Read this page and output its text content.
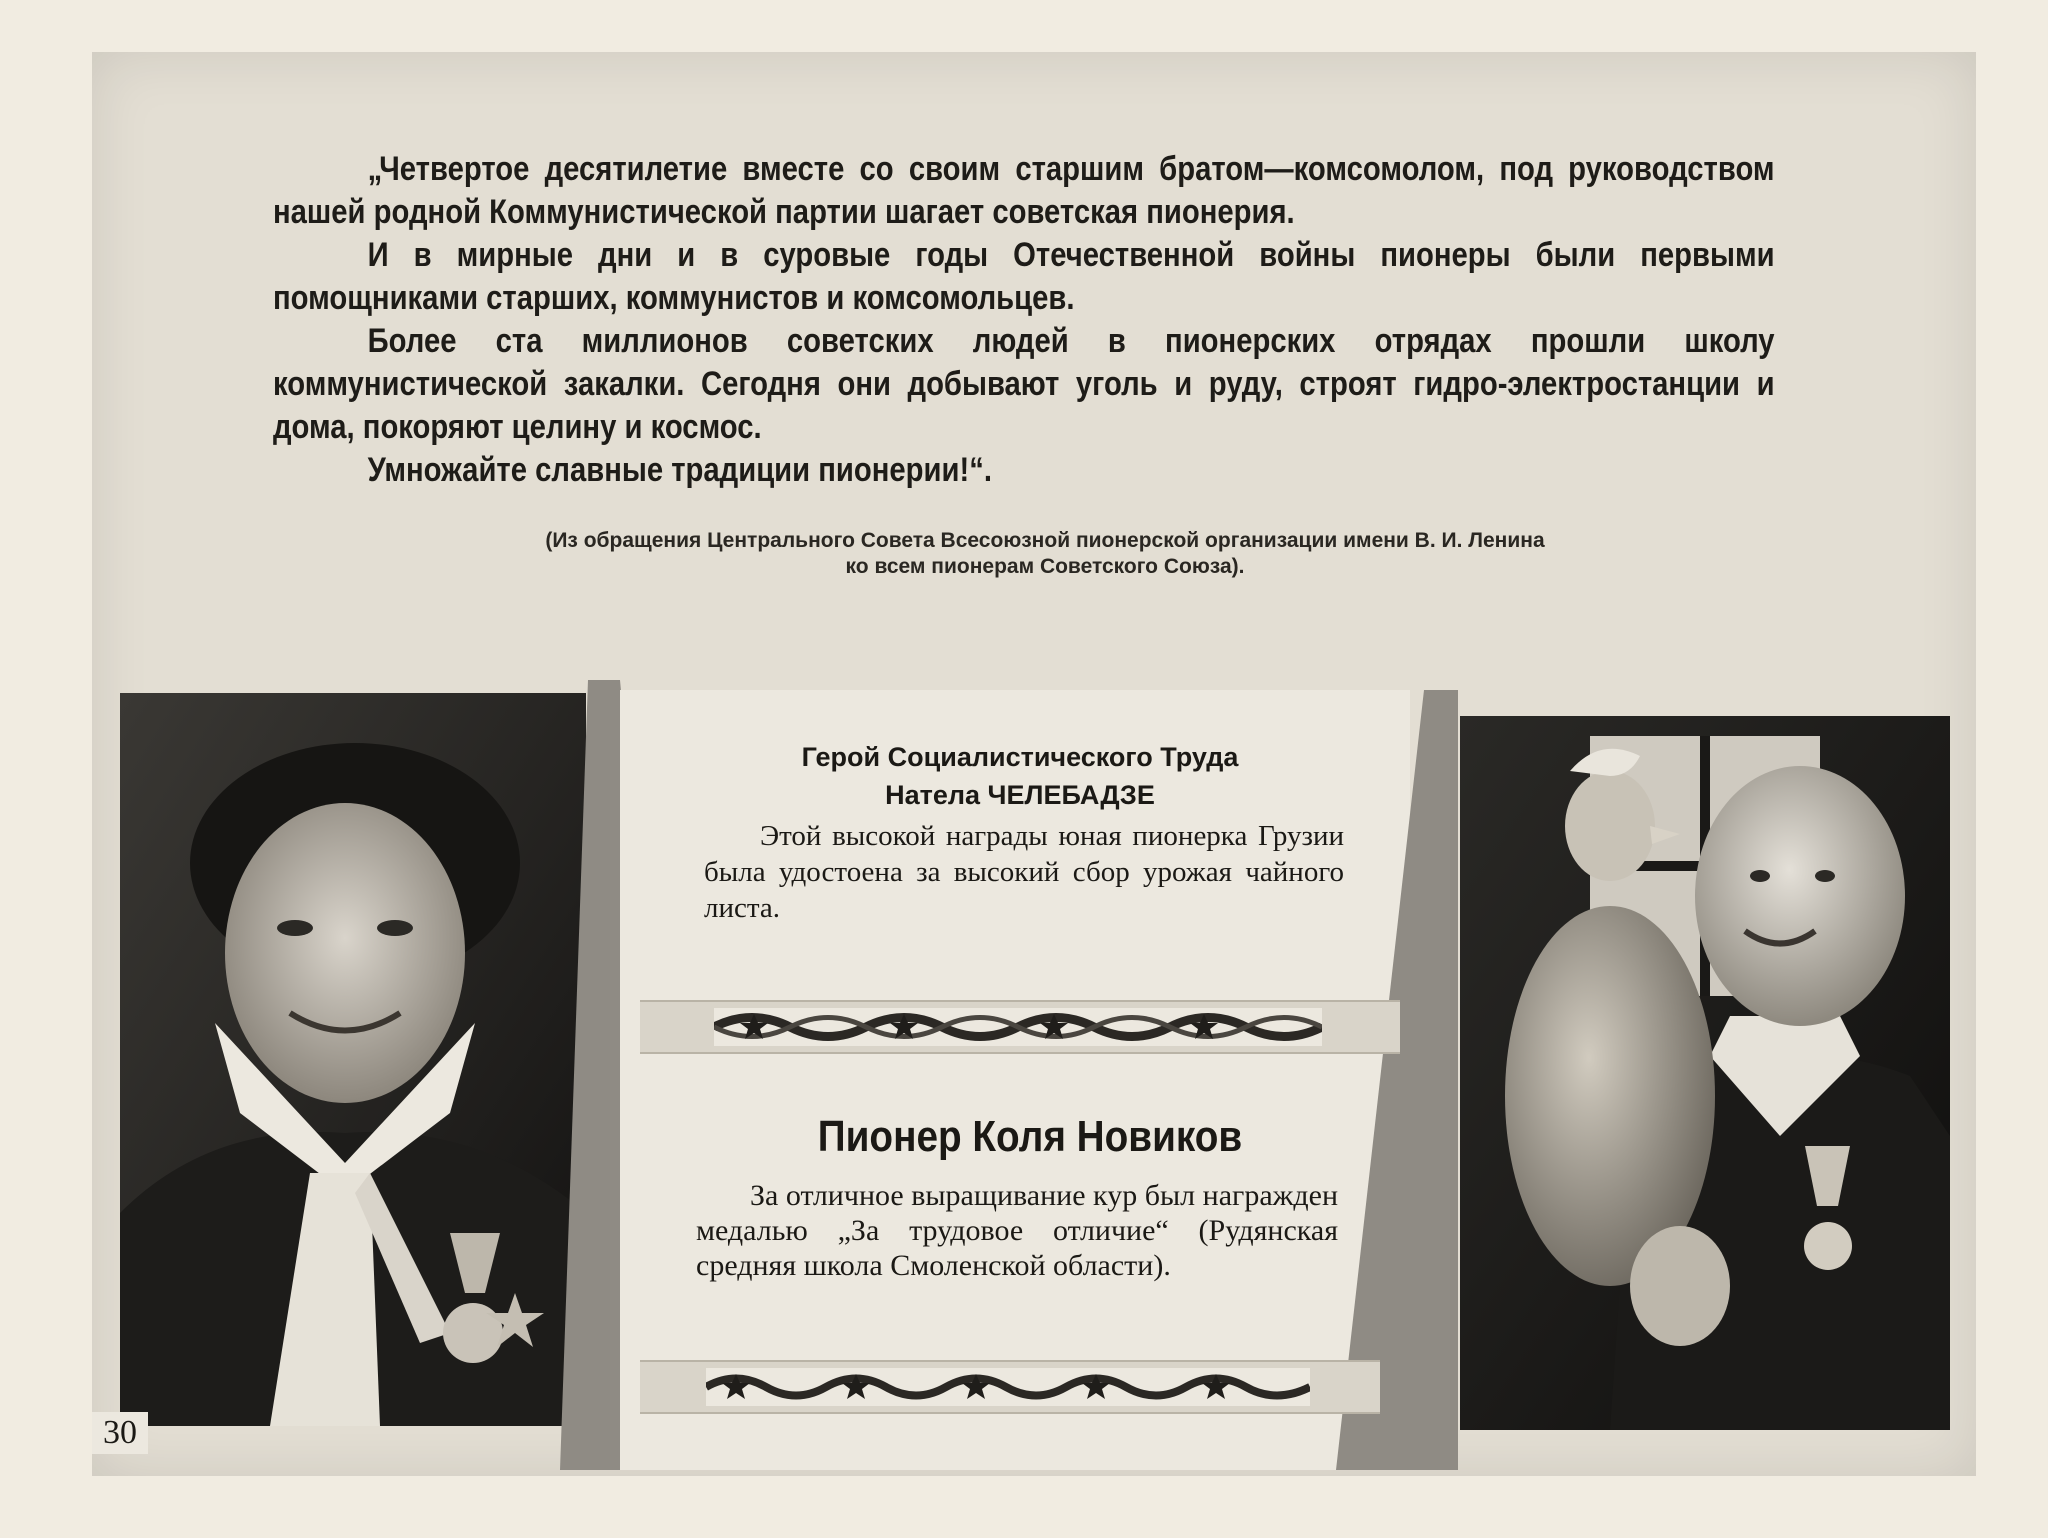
„Четвертое десятилетие вместе со своим старшим братом—комсомолом, под руководством нашей родной Коммунистической партии шагает советская пионерия.

И в мирные дни и в суровые годы Отечественной войны пионеры были первыми помощниками старших, коммунистов и комсомольцев.

Более ста миллионов советских людей в пионерских отрядах прошли школу коммунистической закалки. Сегодня они добывают уголь и руду, строят гидро-электростанции и дома, покоряют целину и космос.

Умножайте славные традиции пионерии!“.

(Из обращения Центрального Совета Всесоюзной пионерской организации имени В. И. Ленина
ко всем пионерам Советского Союза).
Герой Социалистического Труда
Натела ЧЕЛЕБАДЗЕ
Этой высокой награды юная пионерка Грузии была удостоена за высокий сбор урожая чайного листа.
Пионер Коля Новиков
За отличное выращивание кур был награжден медалью „За трудовое отличие“ (Рудянская средняя школа Смоленской области).
30
